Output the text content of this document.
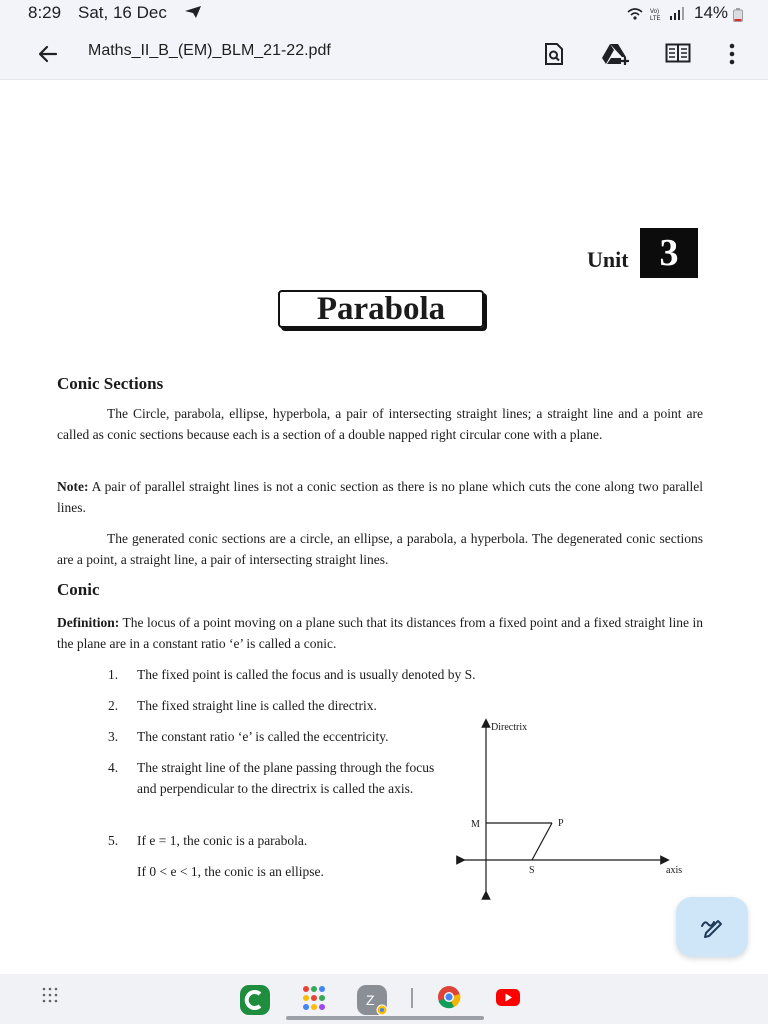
8:29 Sat, 16 Dec	Vo)
LTE 14%
Maths_II_B_(EM)_BLM_21-22.pdf
Unit 3
Parabola
Conic Sections

The Circle, parabola, ellipse, hyperbola, a pair of intersecting straight lines; a straight line and a point are called as conic sections because each is a section of a double napped right circular cone with a plane.

Note: A pair of parallel straight lines is not a conic section as there is no plane which cuts the cone along two parallel lines.

The generated conic sections are a circle, an ellipse, a parabola, a hyperbola. The degenerated conic sections are a point, a straight line, a pair of intersecting straight lines.

Conic

Definition: The locus of a point moving on a plane such that its distances from a fixed point and a fixed straight line in the plane are in a constant ratio ‘e’ is called a conic.

1. The fixed point is called the focus and is usually denoted by S.
2. The fixed straight line is called the directrix.
3. The constant ratio ‘e’ is called the eccentricity.
4. The straight line of the plane passing through the focus and perpendicular to the directrix is called the axis.
5. If e = 1, the conic is a parabola.
If 0 < e < 1, the conic is an ellipse.
Directrix
M	P
S	axis
Z
